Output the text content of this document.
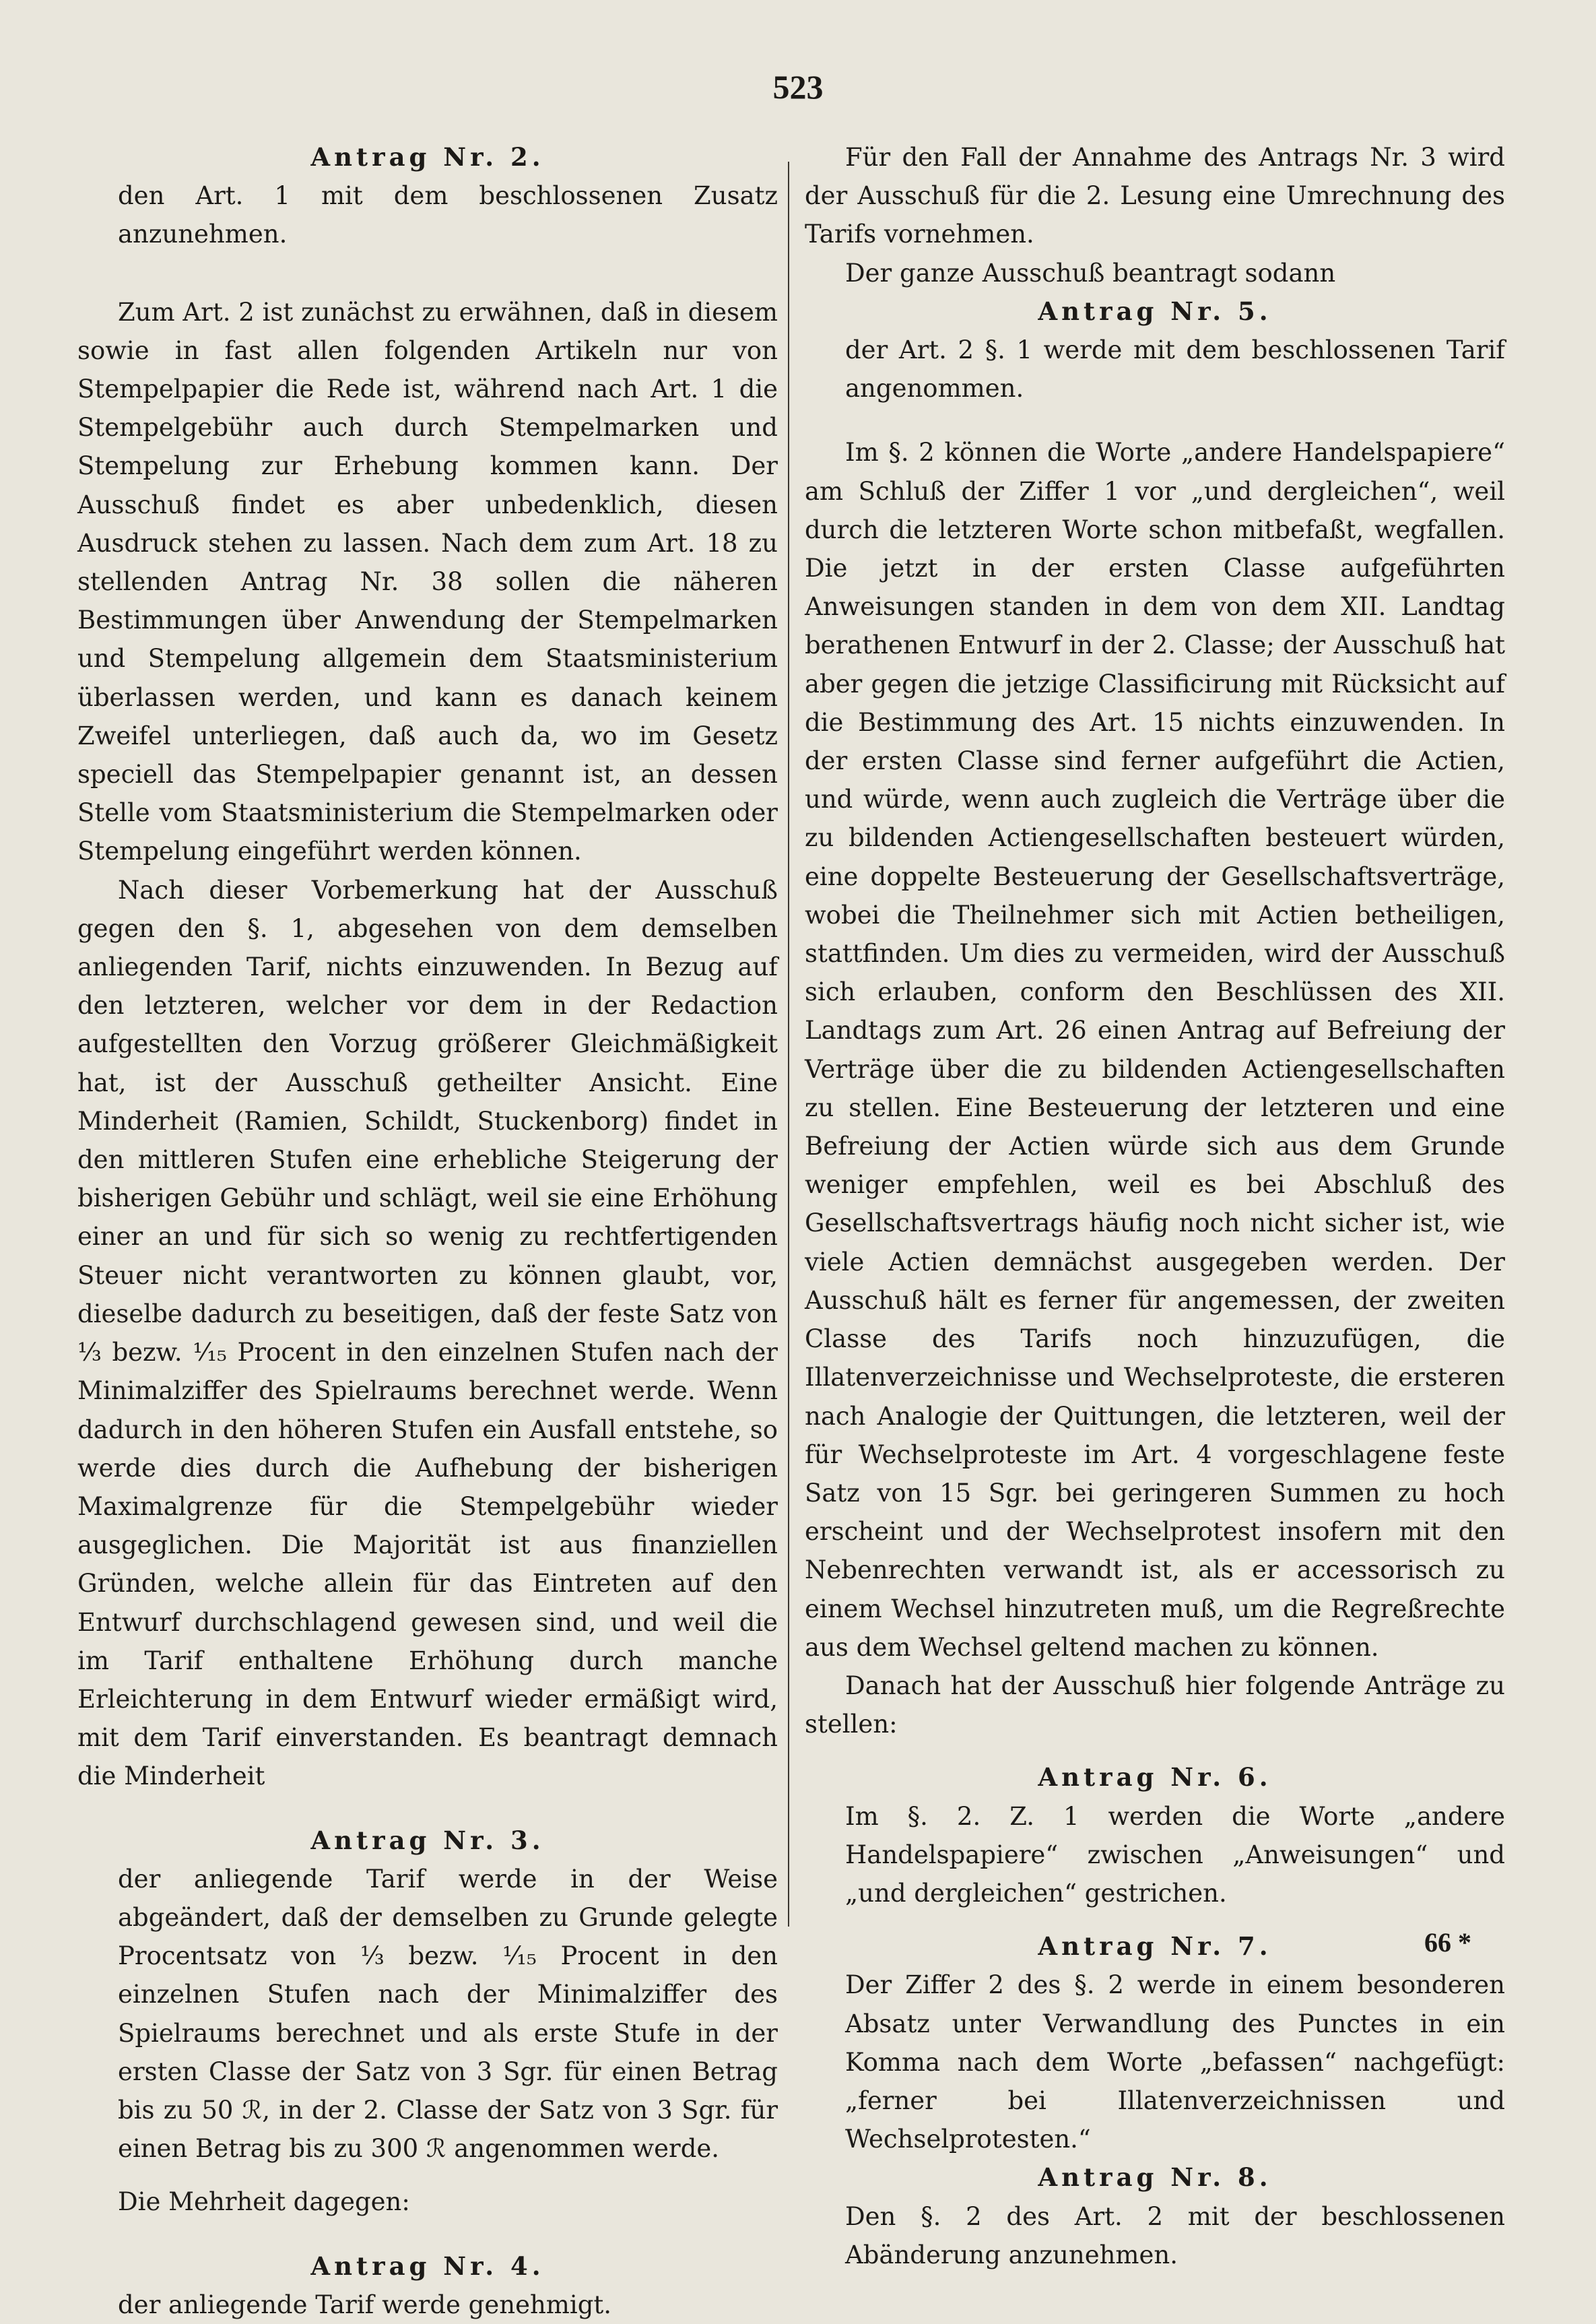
523

Antrag Nr. 2.

den Art. 1 mit dem beschlossenen Zusatz anzunehmen.

Zum Art. 2 ist zunächst zu erwähnen, daß in diesem sowie in fast allen folgenden Artikeln nur von Stempelpapier die Rede ist, während nach Art. 1 die Stempelgebühr auch durch Stempelmarken und Stempelung zur Erhebung kommen kann. Der Ausschuß findet es aber unbedenklich, diesen Ausdruck stehen zu lassen. Nach dem zum Art. 18 zu stellenden Antrag Nr. 38 sollen die näheren Bestimmungen über Anwendung der Stempelmarken und Stempelung allgemein dem Staatsministerium überlassen werden, und kann es danach keinem Zweifel unterliegen, daß auch da, wo im Gesetz speciell das Stempelpapier genannt ist, an dessen Stelle vom Staatsministerium die Stempelmarken oder Stempelung eingeführt werden können.

Nach dieser Vorbemerkung hat der Ausschuß gegen den §. 1, abgesehen von dem demselben anliegenden Tarif, nichts einzuwenden. In Bezug auf den letzteren, welcher vor dem in der Redaction aufgestellten den Vorzug größerer Gleichmäßigkeit hat, ist der Ausschuß getheilter Ansicht. Eine Minderheit (Ramien, Schildt, Stuckenborg) findet in den mittleren Stufen eine erhebliche Steigerung der bisherigen Gebühr und schlägt, weil sie eine Erhöhung einer an und für sich so wenig zu rechtfertigenden Steuer nicht verantworten zu können glaubt, vor, dieselbe dadurch zu beseitigen, daß der feste Satz von ⅓ bezw. ¹⁄₁₅ Procent in den einzelnen Stufen nach der Minimalziffer des Spielraums berechnet werde. Wenn dadurch in den höheren Stufen ein Ausfall entstehe, so werde dies durch die Aufhebung der bisherigen Maximalgrenze für die Stempelgebühr wieder ausgeglichen. Die Majorität ist aus finanziellen Gründen, welche allein für das Eintreten auf den Entwurf durchschlagend gewesen sind, und weil die im Tarif enthaltene Erhöhung durch manche Erleichterung in dem Entwurf wieder ermäßigt wird, mit dem Tarif einverstanden. Es beantragt demnach die Minderheit

Antrag Nr. 3.

der anliegende Tarif werde in der Weise abgeändert, daß der demselben zu Grunde gelegte Procentsatz von ⅓ bezw. ¹⁄₁₅ Procent in den einzelnen Stufen nach der Minimalziffer des Spielraums berechnet und als erste Stufe in der ersten Classe der Satz von 3 Sgr. für einen Betrag bis zu 50 ℛ, in der 2. Classe der Satz von 3 Sgr. für einen Betrag bis zu 300 ℛ angenommen werde.

Die Mehrheit dagegen:

Antrag Nr. 4.

der anliegende Tarif werde genehmigt.

Für den Fall der Annahme des Antrags Nr. 3 wird der Ausschuß für die 2. Lesung eine Umrechnung des Tarifs vornehmen.

Der ganze Ausschuß beantragt sodann

Antrag Nr. 5.

der Art. 2 §. 1 werde mit dem beschlossenen Tarif angenommen.

Im §. 2 können die Worte „andere Handelspapiere“ am Schluß der Ziffer 1 vor „und dergleichen“, weil durch die letzteren Worte schon mitbefaßt, wegfallen. Die jetzt in der ersten Classe aufgeführten Anweisungen standen in dem von dem XII. Landtag berathenen Entwurf in der 2. Classe; der Ausschuß hat aber gegen die jetzige Classificirung mit Rücksicht auf die Bestimmung des Art. 15 nichts einzuwenden. In der ersten Classe sind ferner aufgeführt die Actien, und würde, wenn auch zugleich die Verträge über die zu bildenden Actiengesellschaften besteuert würden, eine doppelte Besteuerung der Gesellschaftsverträge, wobei die Theilnehmer sich mit Actien betheiligen, stattfinden. Um dies zu vermeiden, wird der Ausschuß sich erlauben, conform den Beschlüssen des XII. Landtags zum Art. 26 einen Antrag auf Befreiung der Verträge über die zu bildenden Actiengesellschaften zu stellen. Eine Besteuerung der letzteren und eine Befreiung der Actien würde sich aus dem Grunde weniger empfehlen, weil es bei Abschluß des Gesellschaftsvertrags häufig noch nicht sicher ist, wie viele Actien demnächst ausgegeben werden. Der Ausschuß hält es ferner für angemessen, der zweiten Classe des Tarifs noch hinzuzufügen, die Illatenverzeichnisse und Wechselproteste, die ersteren nach Analogie der Quittungen, die letzteren, weil der für Wechselproteste im Art. 4 vorgeschlagene feste Satz von 15 Sgr. bei geringeren Summen zu hoch erscheint und der Wechselprotest insofern mit den Nebenrechten verwandt ist, als er accessorisch zu einem Wechsel hinzutreten muß, um die Regreßrechte aus dem Wechsel geltend machen zu können.

Danach hat der Ausschuß hier folgende Anträge zu stellen:

Antrag Nr. 6.

Im §. 2. Z. 1 werden die Worte „andere Handelspapiere“ zwischen „Anweisungen“ und „und dergleichen“ gestrichen.

Antrag Nr. 7.

Der Ziffer 2 des §. 2 werde in einem besonderen Absatz unter Verwandlung des Punctes in ein Komma nach dem Worte „befassen“ nachgefügt: „ferner bei Illatenverzeichnissen und Wechselprotesten.“

Antrag Nr. 8.

Den §. 2 des Art. 2 mit der beschlossenen Abänderung anzunehmen.

66 *
